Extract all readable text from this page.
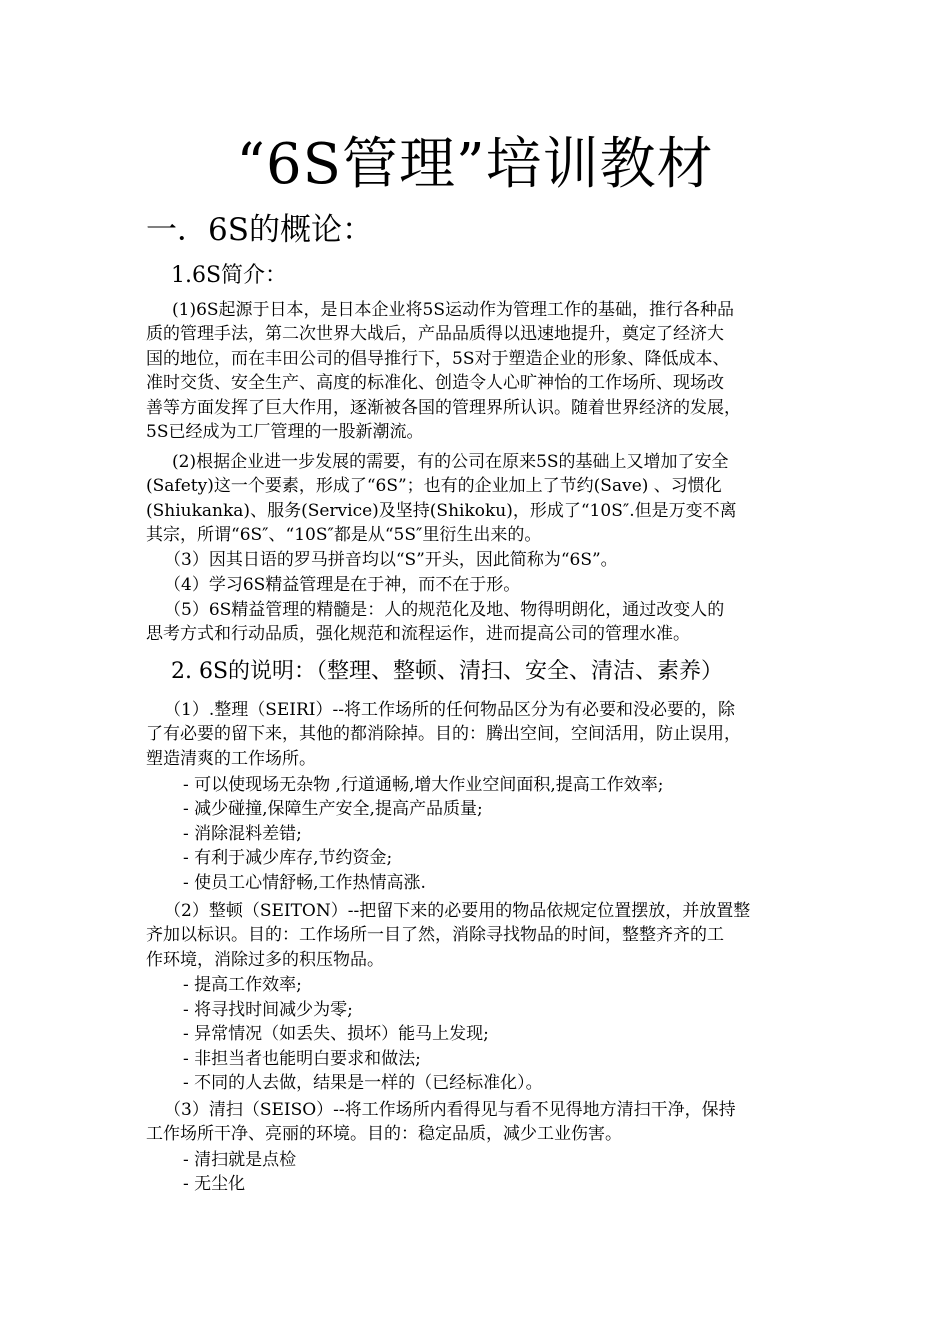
“6S管理”培训教材
一．6S的概论：
1.6S简介：
(1)6S起源于日本，是日本企业将5S运动作为管理工作的基础，推行各种品
质的管理手法，第二次世界大战后，产品品质得以迅速地提升，奠定了经济大
国的地位，而在丰田公司的倡导推行下，5S对于塑造企业的形象、降低成本、
准时交货、安全生产、高度的标准化、创造令人心旷神怡的工作场所、现场改
善等方面发挥了巨大作用，逐渐被各国的管理界所认识。随着世界经济的发展，
5S已经成为工厂管理的一股新潮流。
(2)根据企业进一步发展的需要，有的公司在原来5S的基础上又增加了安全
(Safety)这一个要素，形成了“6S”；也有的企业加上了节约(Save) 、习惯化
(Shiukanka)、服务(Service)及坚持(Shikoku)，形成了“10S″.但是万变不离
其宗，所谓“6S″、“10S″都是从“5S″里衍生出来的。
（3）因其日语的罗马拼音均以“S”开头，因此简称为“6S”。
（4）学习6S精益管理是在于神，而不在于形。
（5）6S精益管理的精髓是：人的规范化及地、物得明朗化，通过改变人的
思考方式和行动品质，强化规范和流程运作，进而提高公司的管理水准。
2. 6S的说明：（整理、整顿、清扫、安全、清洁、素养）
（1）.整理（SEIRI）--将工作场所的任何物品区分为有必要和没必要的，除
了有必要的留下来，其他的都消除掉。目的：腾出空间，空间活用，防止误用，
塑造清爽的工作场所。
- 可以使现场无杂物 ,行道通畅,增大作业空间面积,提高工作效率;
- 减少碰撞,保障生产安全,提高产品质量;
- 消除混料差错;
- 有利于减少库存,节约资金;
- 使员工心情舒畅,工作热情高涨.
（2）整顿（SEITON）--把留下来的必要用的物品依规定位置摆放，并放置整
齐加以标识。目的：工作场所一目了然，消除寻找物品的时间，整整齐齐的工
作环境，消除过多的积压物品。
- 提高工作效率;
- 将寻找时间减少为零;
- 异常情况（如丢失、损坏）能马上发现;
- 非担当者也能明白要求和做法;
- 不同的人去做，结果是一样的（已经标准化）。
（3）清扫（SEISO）--将工作场所内看得见与看不见得地方清扫干净，保持
工作场所干净、亮丽的环境。目的：稳定品质，减少工业伤害。
- 清扫就是点检
- 无尘化
